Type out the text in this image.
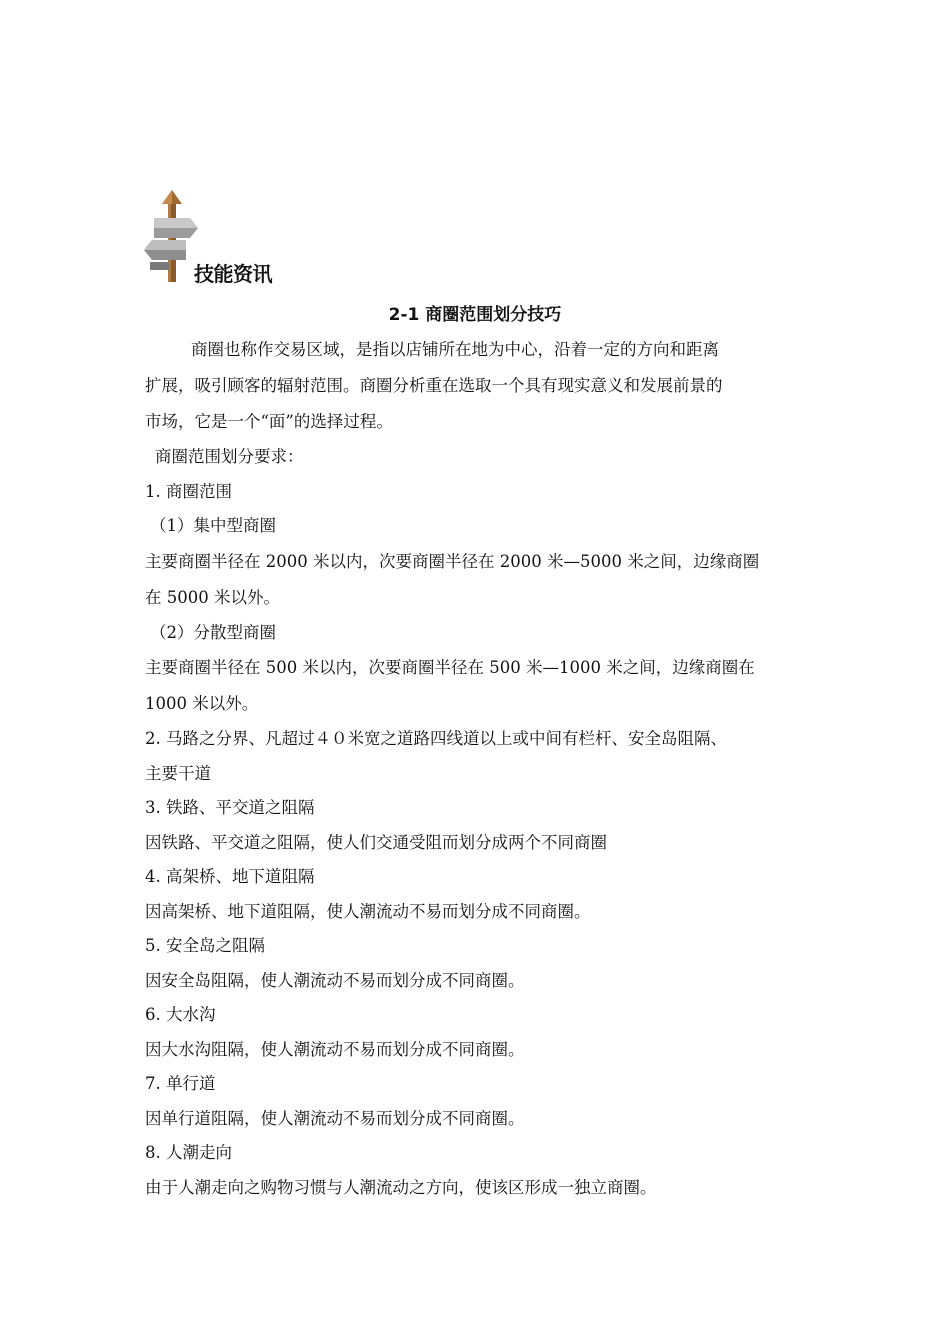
技能资讯
2-1 商圈范围划分技巧

商圈也称作交易区域，是指以店铺所在地为中心，沿着一定的方向和距离

扩展，吸引顾客的辐射范围。商圈分析重在选取一个具有现实意义和发展前景的

市场，它是一个“面”的选择过程。

商圈范围划分要求：

1. 商圈范围

（1）集中型商圈

主要商圈半径在 2000 米以内，次要商圈半径在 2000 米—5000 米之间，边缘商圈

在 5000 米以外。

（2）分散型商圈

主要商圈半径在 500 米以内，次要商圈半径在 500 米—1000 米之间，边缘商圈在

1000 米以外。

2. 马路之分界、凡超过４０米宽之道路四线道以上或中间有栏杆、安全岛阻隔、

主要干道

3. 铁路、平交道之阻隔

因铁路、平交道之阻隔，使人们交通受阻而划分成两个不同商圈

4. 高架桥、地下道阻隔

因高架桥、地下道阻隔，使人潮流动不易而划分成不同商圈。

5. 安全岛之阻隔

因安全岛阻隔，使人潮流动不易而划分成不同商圈。

6. 大水沟

因大水沟阻隔，使人潮流动不易而划分成不同商圈。

7. 单行道

因单行道阻隔，使人潮流动不易而划分成不同商圈。

8. 人潮走向

由于人潮走向之购物习惯与人潮流动之方向，使该区形成一独立商圈。
